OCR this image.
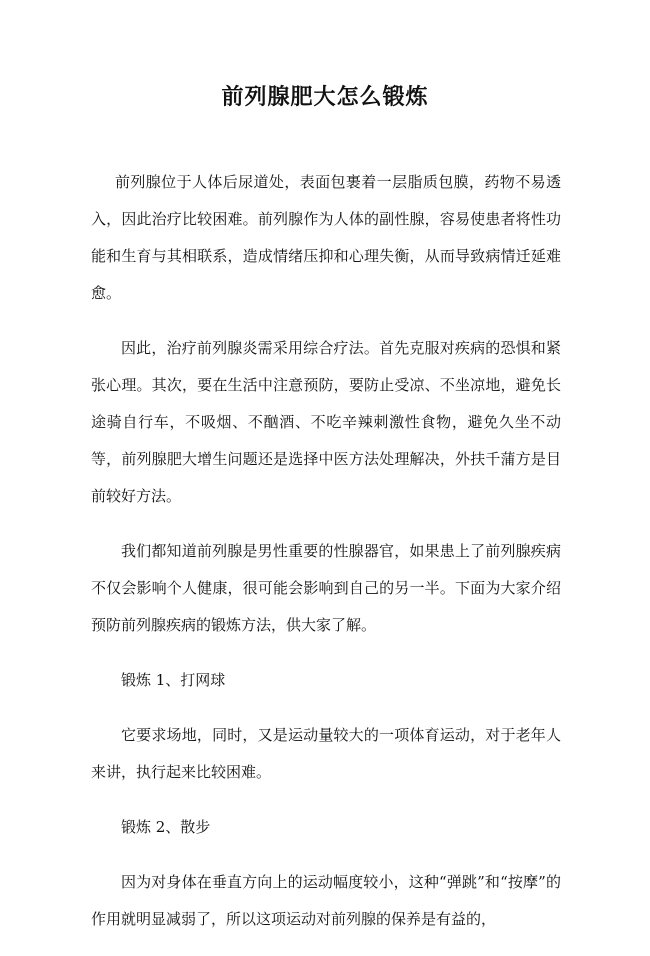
前列腺肥大怎么锻炼

前列腺位于人体后尿道处，表面包裹着一层脂质包膜，药物不易透入，因此治疗比较困难。前列腺作为人体的副性腺，容易使患者将性功能和生育与其相联系，造成情绪压抑和心理失衡，从而导致病情迁延难愈。

因此，治疗前列腺炎需采用综合疗法。首先克服对疾病的恐惧和紧张心理。其次，要在生活中注意预防，要防止受凉、不坐凉地，避免长途骑自行车，不吸烟、不酗酒、不吃辛辣刺激性食物，避免久坐不动等，前列腺肥大增生问题还是选择中医方法处理解决，外扶千蒲方是目前较好方法。

我们都知道前列腺是男性重要的性腺器官，如果患上了前列腺疾病不仅会影响个人健康，很可能会影响到自己的另一半。下面为大家介绍预防前列腺疾病的锻炼方法，供大家了解。

锻炼 1、打网球

它要求场地，同时，又是运动量较大的一项体育运动，对于老年人来讲，执行起来比较困难。

锻炼 2、散步

因为对身体在垂直方向上的运动幅度较小，这种“弹跳”和“按摩”的作用就明显减弱了，所以这项运动对前列腺的保养是有益的，
